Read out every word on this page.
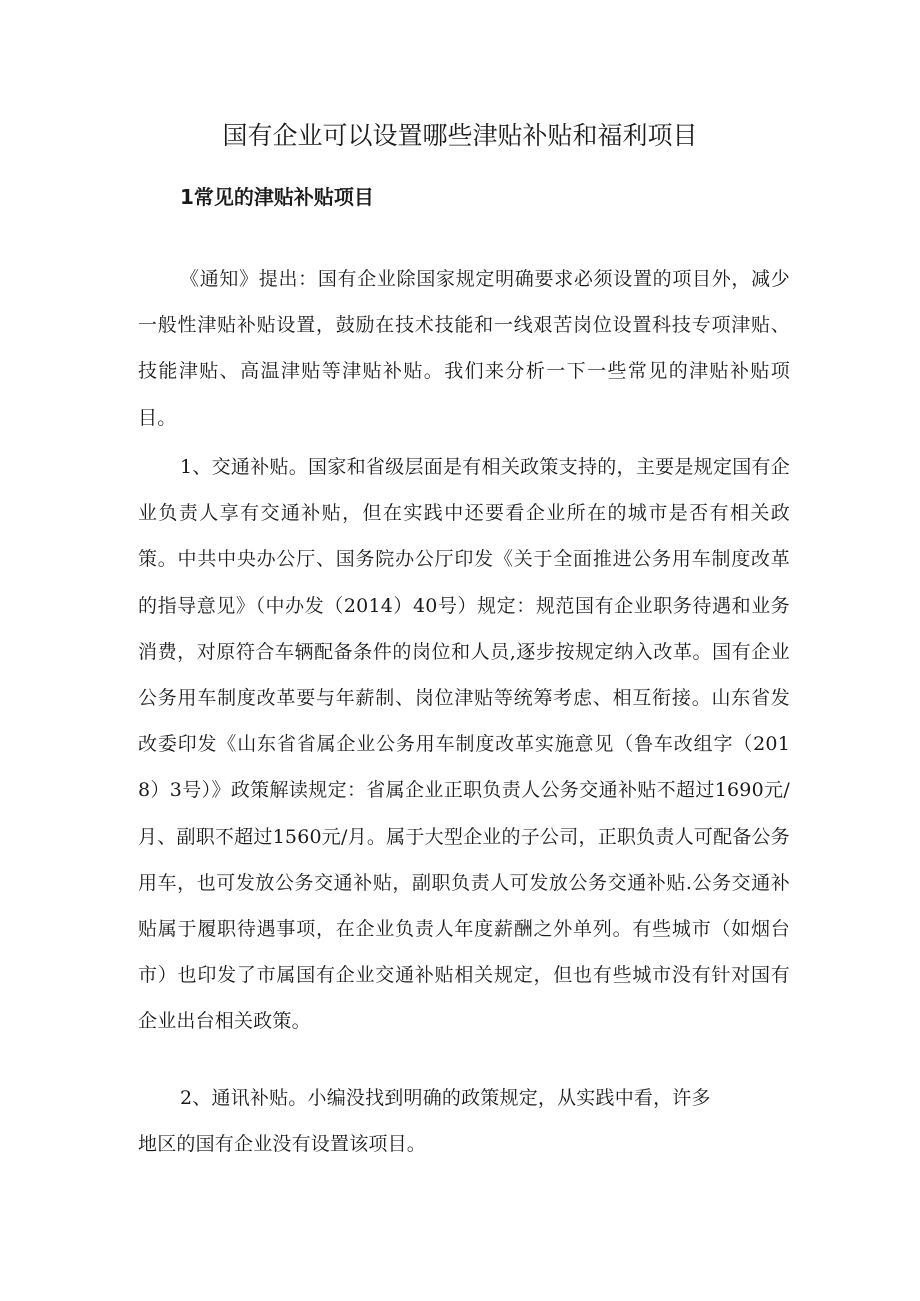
国有企业可以设置哪些津贴补贴和福利项目
1常见的津贴补贴项目

《通知》提出：国有企业除国家规定明确要求必须设置的项目外，减少一般性津贴补贴设置，鼓励在技术技能和一线艰苦岗位设置科技专项津贴、技能津贴、高温津贴等津贴补贴。我们来分析一下一些常见的津贴补贴项目。

1、交通补贴。国家和省级层面是有相关政策支持的，主要是规定国有企业负责人享有交通补贴，但在实践中还要看企业所在的城市是否有相关政策。中共中央办公厅、国务院办公厅印发《关于全面推进公务用车制度改革的指导意见》（中办发（2014）40号）规定：规范国有企业职务待遇和业务消费，对原符合车辆配备条件的岗位和人员,逐步按规定纳入改革。国有企业公务用车制度改革要与年薪制、岗位津贴等统筹考虑、相互衔接。山东省发改委印发《山东省省属企业公务用车制度改革实施意见（鲁车改组字（2018）3号）》政策解读规定：省属企业正职负责人公务交通补贴不超过1690元/月、副职不超过1560元/月。属于大型企业的子公司，正职负责人可配备公务用车，也可发放公务交通补贴，副职负责人可发放公务交通补贴.公务交通补贴属于履职待遇事项，在企业负责人年度薪酬之外单列。有些城市（如烟台市）也印发了市属国有企业交通补贴相关规定，但也有些城市没有针对国有企业出台相关政策。

2、通讯补贴。小编没找到明确的政策规定，从实践中看，许多

地区的国有企业没有设置该项目。
